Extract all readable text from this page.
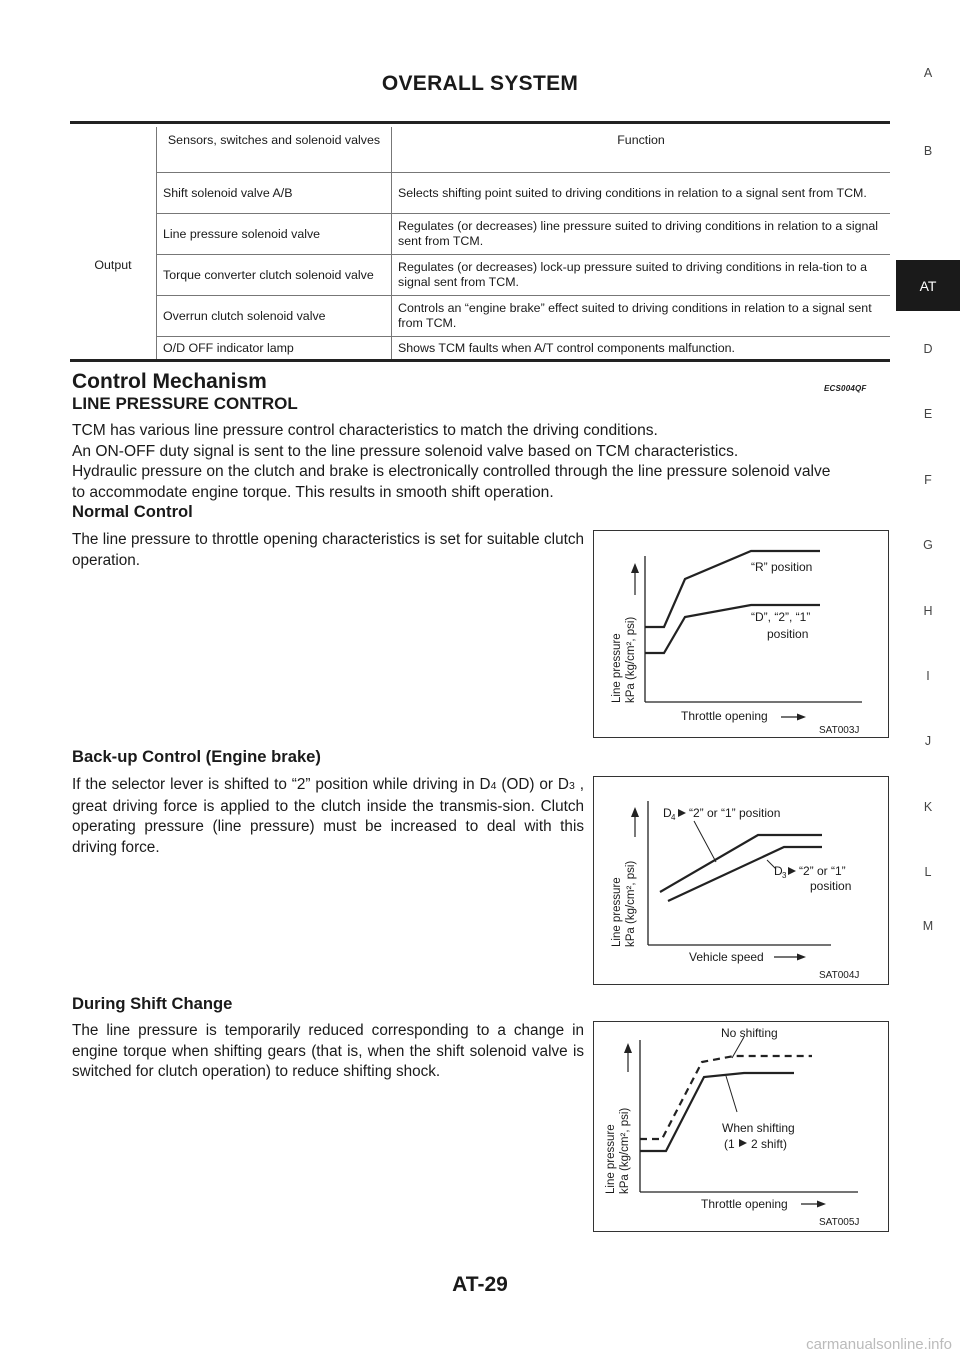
OVERALL SYSTEM
	Sensors, switches and solenoid valves	Function
Output	Shift solenoid valve A/B	Selects shifting point suited to driving conditions in relation to a signal sent from TCM.
	Line pressure solenoid valve	Regulates (or decreases) line pressure suited to driving conditions in relation to a signal sent from TCM.
	Torque converter clutch solenoid valve	Regulates (or decreases) lock-up pressure suited to driving conditions in rela-tion to a signal sent from TCM.
	Overrun clutch solenoid valve	Controls an “engine brake” effect suited to driving conditions in relation to a signal sent from TCM.
	O/D OFF indicator lamp	Shows TCM faults when A/T control components malfunction.
Control Mechanism	ECS004QF
LINE PRESSURE CONTROL
TCM has various line pressure control characteristics to match the driving conditions.
An ON-OFF duty signal is sent to the line pressure solenoid valve based on TCM characteristics.
Hydraulic pressure on the clutch and brake is electronically controlled through the line pressure solenoid valve
to accommodate engine torque. This results in smooth shift operation.
Normal Control
The line pressure to throttle opening characteristics is set for suitable clutch operation.	“R” position
“D”, “2”, “1”
position
Line pressure kPa (kg/cm², psi)
Throttle opening
SAT003J
Back-up Control (Engine brake)
If the selector lever is shifted to “2” position while driving in D4 (OD) or D3 , great driving force is applied to the clutch inside the transmis-sion. Clutch operating pressure (line pressure) must be increased to deal with this driving force.
D 4 “2” or “1” position
D 3 “2” or “1”
position
Line pressure kPa (kg/cm², psi)
Vehicle speed
SAT004J
During Shift Change
The line pressure is temporarily reduced corresponding to a change in engine torque when shifting gears (that is, when the shift solenoid valve is switched for clutch operation) to reduce shifting shock.
No shifting
When shifting
(1 2 shift)
Line pressure kPa (kg/cm², psi)
Throttle opening
SAT005J
A
B
AT
D
E
F
G
H
I
J
K
L
M
AT-29
carmanualsonline.info
